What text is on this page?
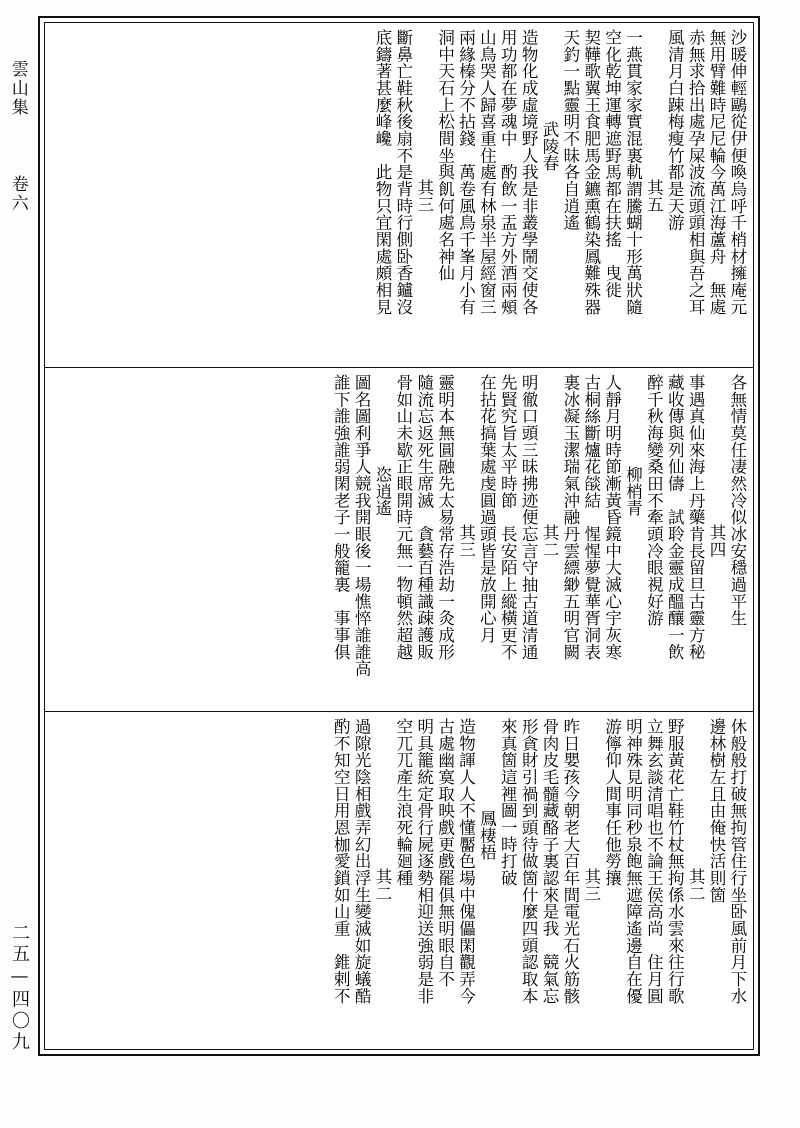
雲山集
卷六
二五—四〇九
沙暖伸輕鷗從伊便喚烏呼千梢材擁庵元
無用臂難時尼尼輪今萬江海蘆舟　無處
赤無求拾出處孕屎波流頭頭相與吾之耳
風清月白踈梅瘦竹都是天游
其五
一燕貫家家實混裏軌謂騰蝴十形萬狀隨
空化乾坤運轉遮野馬都在扶搖　曳徙
契鞾歌翼王食肥馬金鑣熏鶴染鳳難殊器
天釣一點靈明不昧各自逍遙
武陵春
造物化成虛境野人我是非叢學鬧交使各
用功都在夢魂中　酌飲一盂方外酒兩頰
山鳥哭人歸喜重住處有林泉半屋經窗三
兩緣榛分不拈錢　萬卷風鳥千峯月小有
洞中天石上松間坐與飢何處名神仙
其三
斷鼻亡鞋秋後扇不是背時行側卧香鑪沒
底鑄著甚麼峰巉　此物只宜閑處頗相見
各無情莫任凄然冷似冰安穩過平生
其四
事遇真仙來海上丹藥肯長留旦古靈方秘
藏收傳與列仙儔　試聆金靈成醞釀一飲
醉千秋海變桑田不牽頭冷眼視好游
柳梢青
人靜月明時節漸黃昏鏡中大滅心宇灰寒
古桐絲斷爐花燄結　惺惺夢覺華胥洞表
裏冰凝玉潔瑞氣沖融丹雲縹緲五明官闕
其二
明徹口頭三昧拂迹便忘言守抽古道清通
先賢究旨太平時節　長安陌上縱橫更不
在拈花搞葉處虔圓過頭皆是放開心月
其三
靈明本無圓融先太易常存浩劫一灸成形
隨流忘返死生席滅　貪藝百種識疎護販
骨如山未歇正眼開時元無一物頓然超越
恣逍遙
圖名圖利爭人競我開眼後一場憔悴誰誰高
誰下誰強誰弱閑老子一般籠裏　事事俱
休般般打破無拘管住行坐卧風前月下水
邊林樹左且由俺快活則箇
其二
野服黃花亡鞋竹杖無拘係水雲來往行歌
立舞玄談清唱也不論王侯高尚　住月圓
明神殊見明同秒泉飽無遮障遙邊自在優
游儜仰人間事任他勞攘
其三
昨日嬰孩今朝老大百年間電光石火筋骸
骨肉皮毛髓藏酪子裏認來是我　競氣忘
形貪財引禍到頭待做箇什麼四頭認取本
來真箇這裡圖一時打破
鳳棲梧
造物諢人人不懂靨色場中傀儡閑觀弄今
古處幽寞取映戲更戲罷俱無明眼自不
明具籠統定骨行屍逐勢相迎送強弱是非
空兀兀產生浪死輪廻種
其二
過隙光陰相戲弄幻出浮生變滅如旋蟻酷
酌不知空日用恩枷愛鎖如山重　錐剌不
